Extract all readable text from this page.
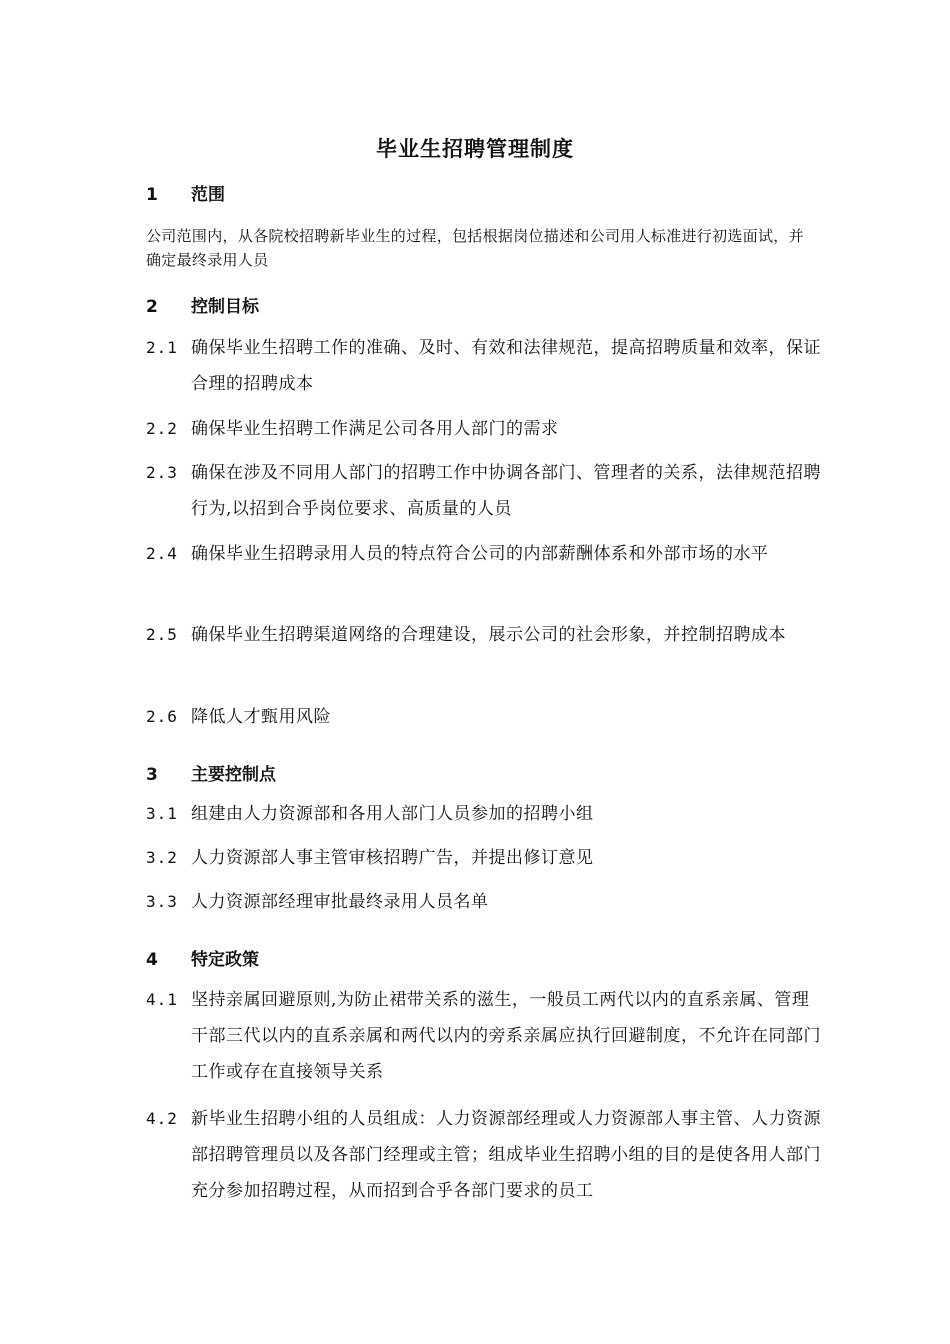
毕业生招聘管理制度
1 范围
公司范围内，从各院校招聘新毕业生的过程，包括根据岗位描述和公司用人标准进行初选面试，并确定最终录用人员
2 控制目标
2.1 确保毕业生招聘工作的准确、及时、有效和法律规范，提高招聘质量和效率，保证合理的招聘成本
2.2 确保毕业生招聘工作满足公司各用人部门的需求
2.3 确保在涉及不同用人部门的招聘工作中协调各部门、管理者的关系，法律规范招聘行为,以招到合乎岗位要求、高质量的人员
2.4 确保毕业生招聘录用人员的特点符合公司的内部薪酬体系和外部市场的水平
2.5 确保毕业生招聘渠道网络的合理建设，展示公司的社会形象，并控制招聘成本
2.6 降低人才甄用风险
3 主要控制点
3.1 组建由人力资源部和各用人部门人员参加的招聘小组
3.2 人力资源部人事主管审核招聘广告，并提出修订意见
3.3 人力资源部经理审批最终录用人员名单
4 特定政策
4.1 坚持亲属回避原则,为防止裙带关系的滋生，一般员工两代以内的直系亲属、管理干部三代以内的直系亲属和两代以内的旁系亲属应执行回避制度，不允许在同部门工作或存在直接领导关系
4.2 新毕业生招聘小组的人员组成：人力资源部经理或人力资源部人事主管、人力资源部招聘管理员以及各部门经理或主管；组成毕业生招聘小组的目的是使各用人部门充分参加招聘过程，从而招到合乎各部门要求的员工
